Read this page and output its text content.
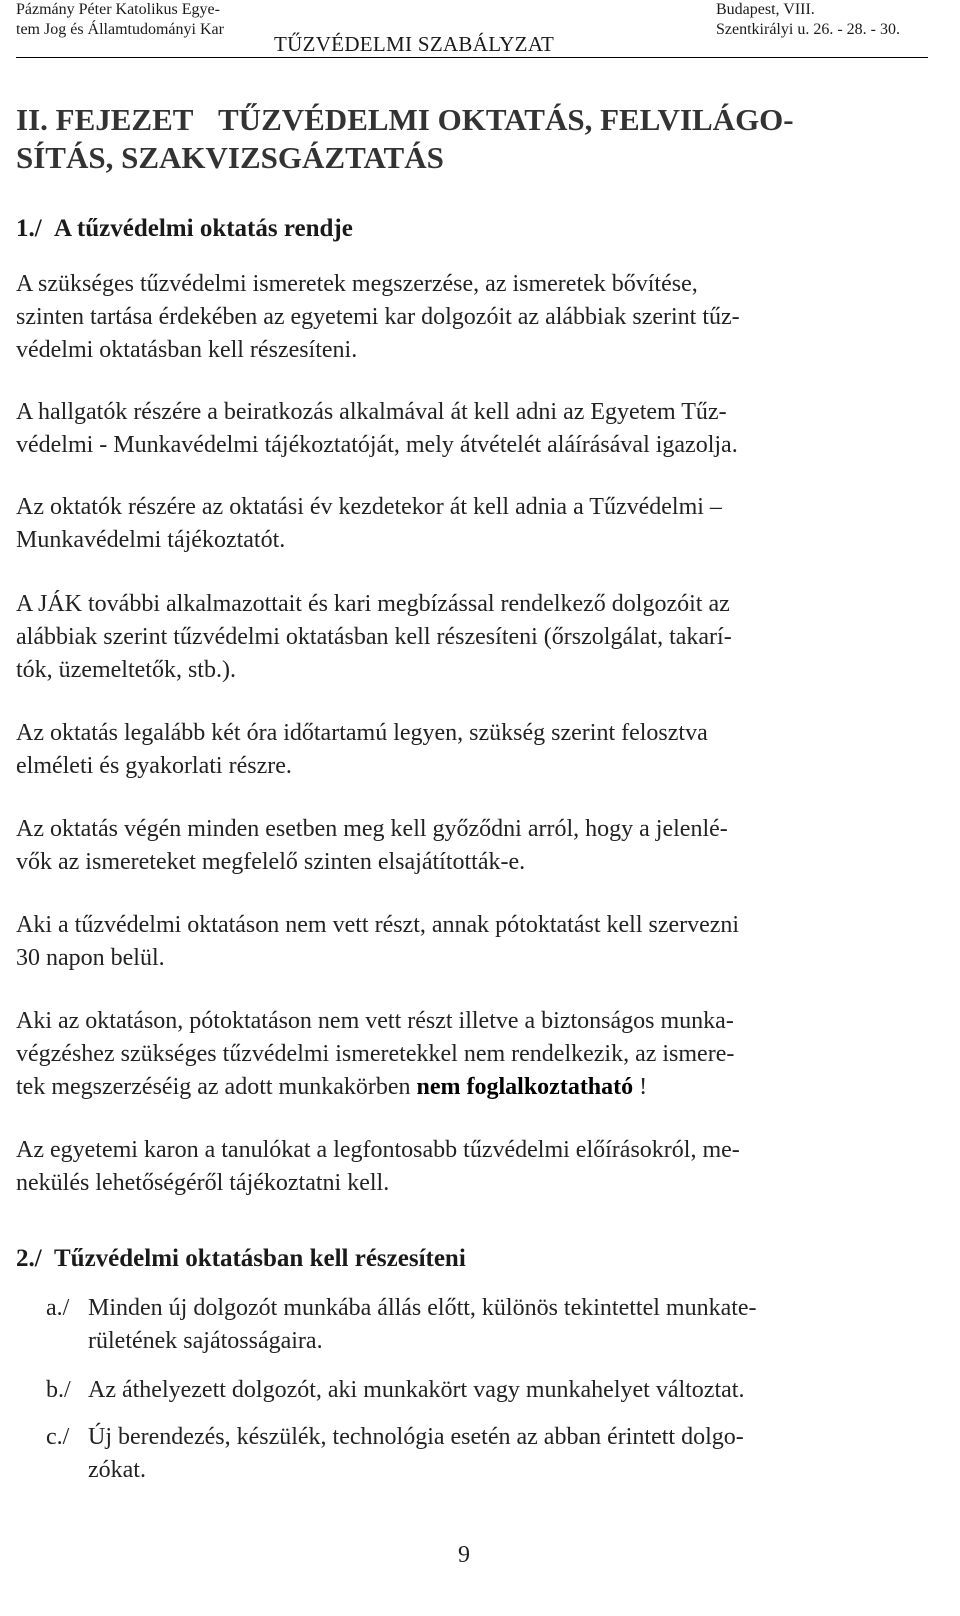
Pázmány Péter Katolikus Egye-
tem Jog és Államtudományi Kar
TŰZVÉDELMI SZABÁLYZAT
Budapest, VIII.
Szentkirályi u. 26. - 28. - 30.
II. FEJEZET TŰZVÉDELMI OKTATÁS, FELVILÁGO-
SÍTÁS, SZAKVIZSGÁZTATÁS
1./ A tűzvédelmi oktatás rendje

A szükséges tűzvédelmi ismeretek megszerzése, az ismeretek bővítése,
szinten tartása érdekében az egyetemi kar dolgozóit az alábbiak szerint tűz-
védelmi oktatásban kell részesíteni.

A hallgatók részére a beiratkozás alkalmával át kell adni az Egyetem Tűz-
védelmi - Munkavédelmi tájékoztatóját, mely átvételét aláírásával igazolja.

Az oktatók részére az oktatási év kezdetekor át kell adnia a Tűzvédelmi –
Munkavédelmi tájékoztatót.

A JÁK további alkalmazottait és kari megbízással rendelkező dolgozóit az
alábbiak szerint tűzvédelmi oktatásban kell részesíteni (őrszolgálat, takarí-
tók, üzemeltetők, stb.).

Az oktatás legalább két óra időtartamú legyen, szükség szerint felosztva
elméleti és gyakorlati részre.

Az oktatás végén minden esetben meg kell győződni arról, hogy a jelenlé-
vők az ismereteket megfelelő szinten elsajátították-e.

Aki a tűzvédelmi oktatáson nem vett részt, annak pótoktatást kell szervezni
30 napon belül.

Aki az oktatáson, pótoktatáson nem vett részt illetve a biztonságos munka-
végzéshez szükséges tűzvédelmi ismeretekkel nem rendelkezik, az ismere-
tek megszerzéséig az adott munkakörben nem foglalkoztatható !

Az egyetemi karon a tanulókat a legfontosabb tűzvédelmi előírásokról, me-
nekülés lehetőségéről tájékoztatni kell.

2./ Tűzvédelmi oktatásban kell részesíteni
a./ Minden új dolgozót munkába állás előtt, különös tekintettel munkate-
rületének sajátosságaira.
b./ Az áthelyezett dolgozót, aki munkakört vagy munkahelyet változtat.
c./ Új berendezés, készülék, technológia esetén az abban érintett dolgo-
zókat.
9
